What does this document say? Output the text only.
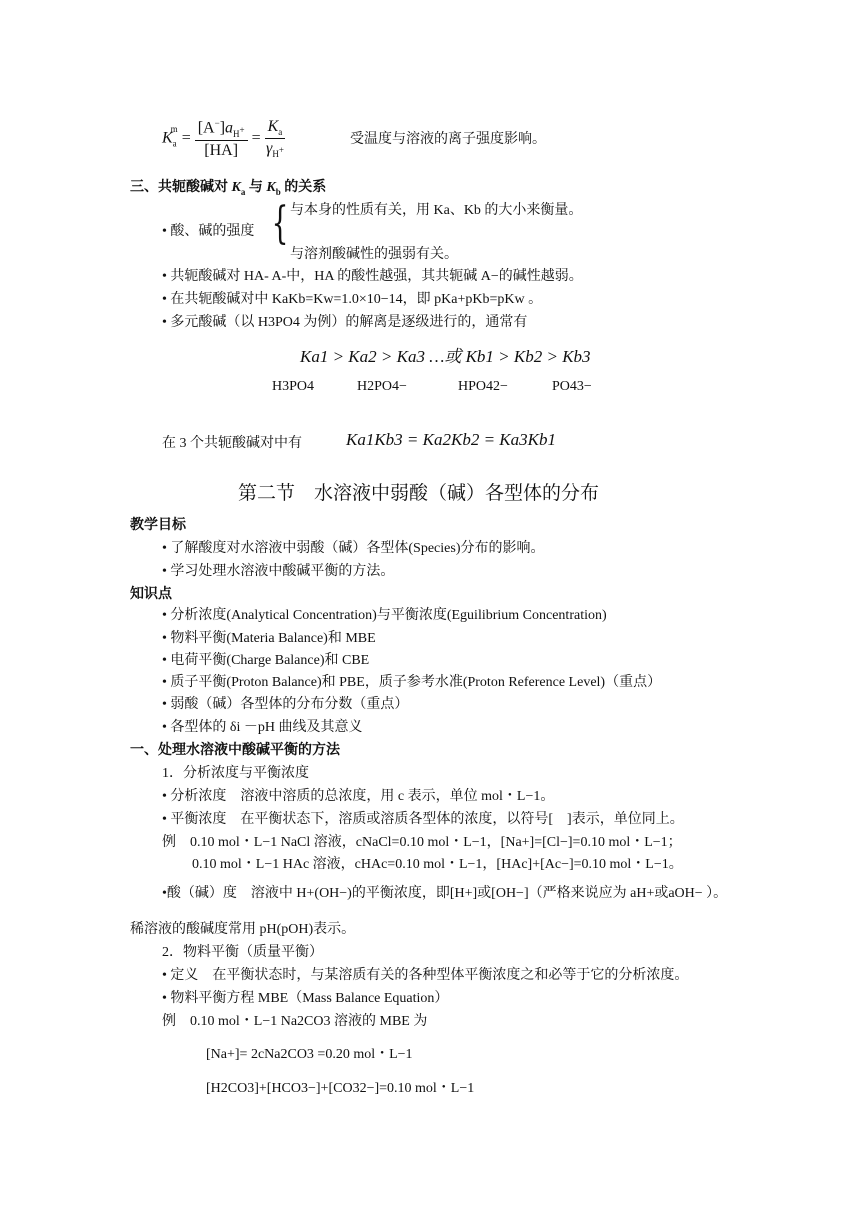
$K_a^m = \frac{[A^-]a_{H^+}}{[HA]} = \frac{K_a}{\gamma_{H^+}}$	受温度与溶液的离子强度影响。
三、共轭酸碱对 $K_a$ 与 $K_b$ 的关系
• 酸、碱的强度 { 与本身的性质有关，用 Ka、Kb 的大小来衡量。
与溶剂酸碱性的强弱有关。
• 共轭酸碱对 HA- A-中，HA 的酸性越强，其共轭碱 A−的碱性越弱。
• 在共轭酸碱对中 KaKb=Kw=1.0×10−14，即 pKa+pKb=pKw 。
• 多元酸碱（以 H3PO4 为例）的解离是逐级进行的，通常有
Ka1 > Ka2 > Ka3 …或 Kb1 > Kb2 > Kb3
H3PO4	H2PO4−	HPO42−	PO43−
在 3 个共轭酸碱对中有	Ka1Kb3 = Ka2Kb2 = Ka3Kb1
第二节　水溶液中弱酸（碱）各型体的分布
教学目标
• 了解酸度对水溶液中弱酸（碱）各型体(Species)分布的影响。
• 学习处理水溶液中酸碱平衡的方法。
知识点
• 分析浓度(Analytical Concentration)与平衡浓度(Eguilibrium Concentration)
• 物料平衡(Materia Balance)和 MBE
• 电荷平衡(Charge Balance)和 CBE
• 质子平衡(Proton Balance)和 PBE，质子参考水准(Proton Reference Level)（重点）
• 弱酸（碱）各型体的分布分数（重点）
• 各型体的 δi －pH 曲线及其意义
一、处理水溶液中酸碱平衡的方法
1．分析浓度与平衡浓度
• 分析浓度　溶液中溶质的总浓度，用 c 表示，单位 mol・L−1。
• 平衡浓度　在平衡状态下，溶质或溶质各型体的浓度，以符号[　]表示，单位同上。
例　0.10 mol・L−1 NaCl 溶液，cNaCl=0.10 mol・L−1，[Na+]=[Cl−]=0.10 mol・L−1；
0.10 mol・L−1 HAc 溶液，cHAc=0.10 mol・L−1，[HAc]+[Ac−]=0.10 mol・L−1。
•酸（碱）度　溶液中 H+(OH−)的平衡浓度，即[H+]或[OH−]（严格来说应为 aH+或aOH− ）。
稀溶液的酸碱度常用 pH(pOH)表示。
2．物料平衡（质量平衡）
• 定义　在平衡状态时，与某溶质有关的各种型体平衡浓度之和必等于它的分析浓度。
• 物料平衡方程 MBE（Mass Balance Equation）
例　0.10 mol・L−1 Na2CO3 溶液的 MBE 为
[Na+]= 2cNa2CO3 =0.20 mol・L−1
[H2CO3]+[HCO3−]+[CO32−]=0.10 mol・L−1
